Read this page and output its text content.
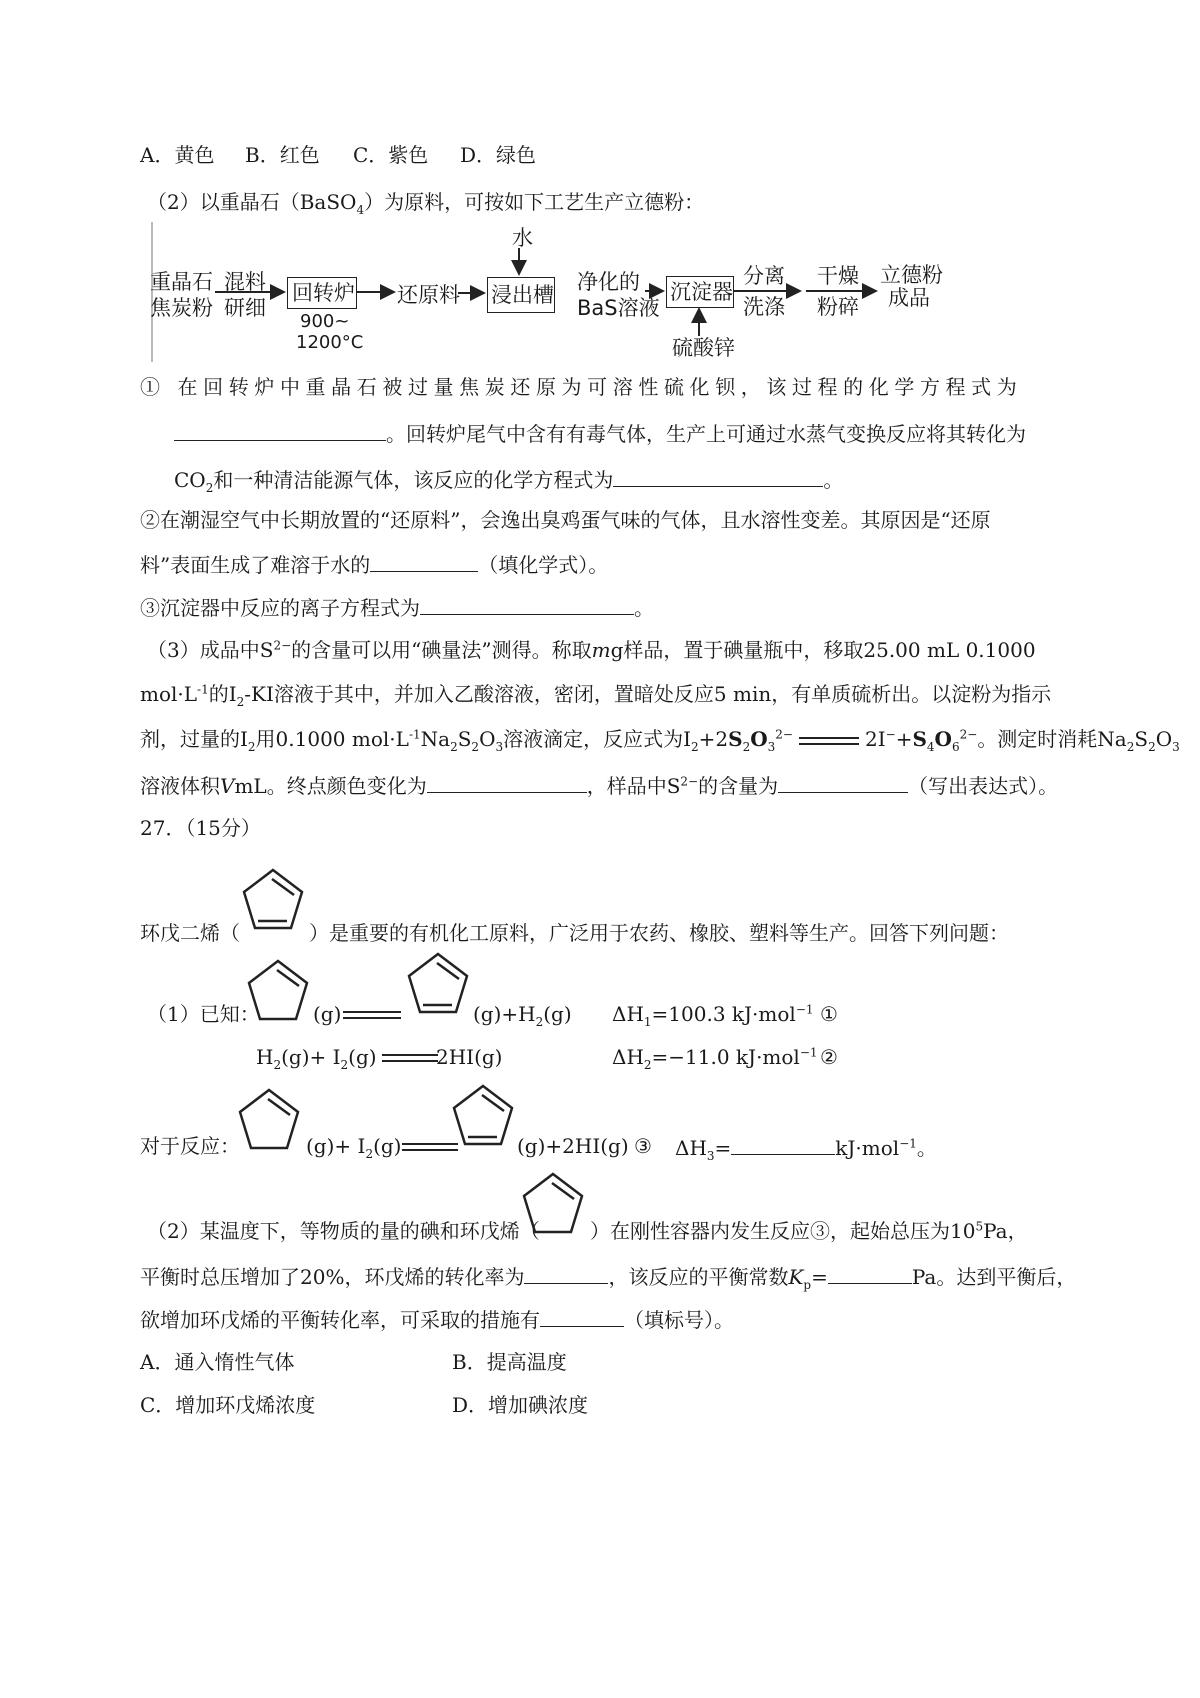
A．黄色 B．红色 C．紫色 D．绿色
（2）以重晶石（BaSO$_4$）为原料，可按如下工艺生产立德粉：
重晶石
焦炭粉
混料
研细
回转炉
900~
1200°C
还原料
水
浸出槽
净化的
BaS溶液
沉淀器
硫酸锌
分离
洗涤
干燥
粉碎
立德粉
成品
① 在回转炉中重晶石被过量焦炭还原为可溶性硫化钡，该过程的化学方程式为
。回转炉尾气中含有有毒气体，生产上可通过水蒸气变换反应将其转化为
$CO_2$和一种清洁能源气体，该反应的化学方程式为	。
②在潮湿空气中长期放置的“还原料”，会逸出臭鸡蛋气味的气体，且水溶性变差。其原因是“还原
料”表面生成了难溶于水的	（填化学式）。
③沉淀器中反应的离子方程式为	。
（3）成品中$S^{2-}$的含量可以用“碘量法”测得。称取mg样品，置于碘量瓶中，移取25.00 mL 0.1000
$mol\cdot L^{-1}$的$I_2-KI$溶液于其中，并加入乙酸溶液，密闭，置暗处反应5 min，有单质硫析出。以淀粉为指示
剂，过量的$I_2$用0.1000 $mol\cdot L^{-1}Na_2S_2O_3$溶液滴定，反应式为$I_2+2S_2O_3^{2-}$	$2I^-+S_4O_6^{2-}$。测定时消耗$Na_2S_2O_3$
溶液体积VmL。终点颜色变化为	，样品中$S^{2-}$的含量为	（写出表达式）。
27．（15分）
环戊二烯（	）是重要的有机化工原料，广泛用于农药、橡胶、塑料等生产。回答下列问题：
（1）已知：	(g)	$(g)+H_2(g)$ $\Delta H_1=100.3$ kJ·mol$^{-1}$ ①
$H_2(g)+ I_2(g)$	2HI(g)	$\Delta H_2=-11.0$ kJ·mol$^{-1}$ ②
对于反应：	$(g)+ I_2(g)$	(g)+2HI(g) ③ $\Delta H_3=$	kJ·mol$^{-1}$。
（2）某温度下，等物质的量的碘和环戊烯（	）在刚性容器内发生反应③，起始总压为$10^5Pa$，
平衡时总压增加了20%，环戊烯的转化率为	，该反应的平衡常数$K_p=$	Pa。达到平衡后，
欲增加环戊烯的平衡转化率，可采取的措施有	（填标号）。
A．通入惰性气体	B．提高温度
C．增加环戊烯浓度	D．增加碘浓度
